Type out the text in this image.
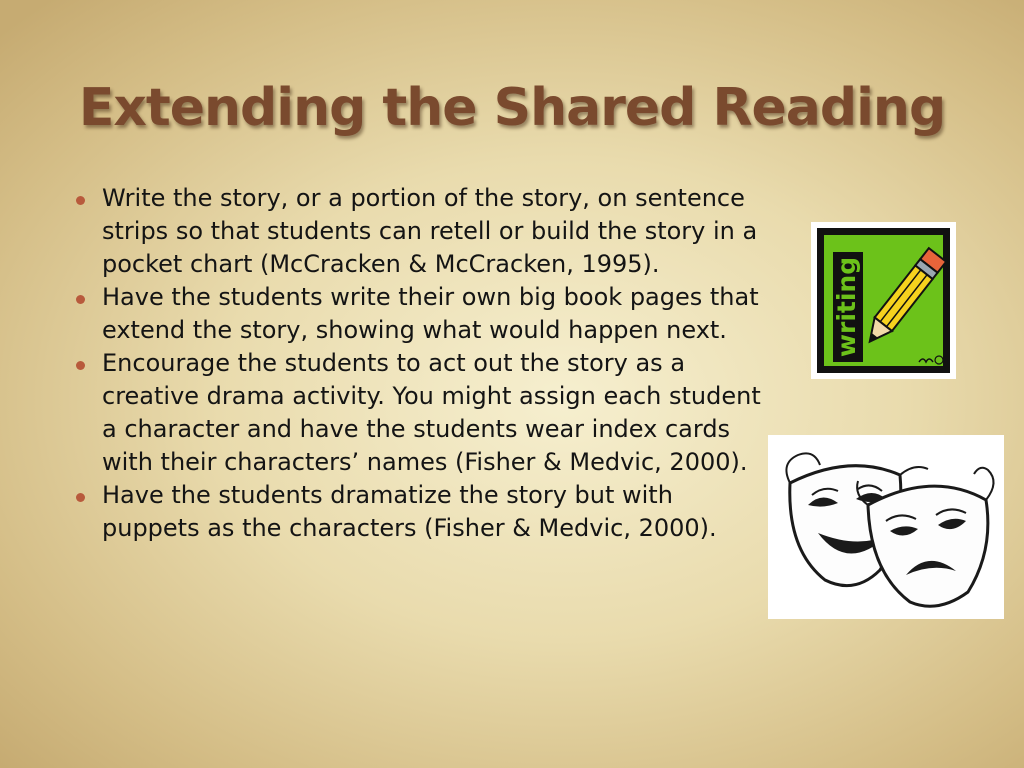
Extending the Shared Reading
Write the story, or a portion of the story, on sentence strips so that students can retell or build the story in a pocket chart (McCracken & McCracken, 1995).
Have the students write their own big book pages that extend the story, showing what would happen next.
Encourage the students to act out the story as a creative drama activity. You might assign each student a character and have the students wear index cards with their characters’ names (Fisher & Medvic, 2000).
Have the students dramatize the story but with puppets as the characters (Fisher & Medvic, 2000).
writing
